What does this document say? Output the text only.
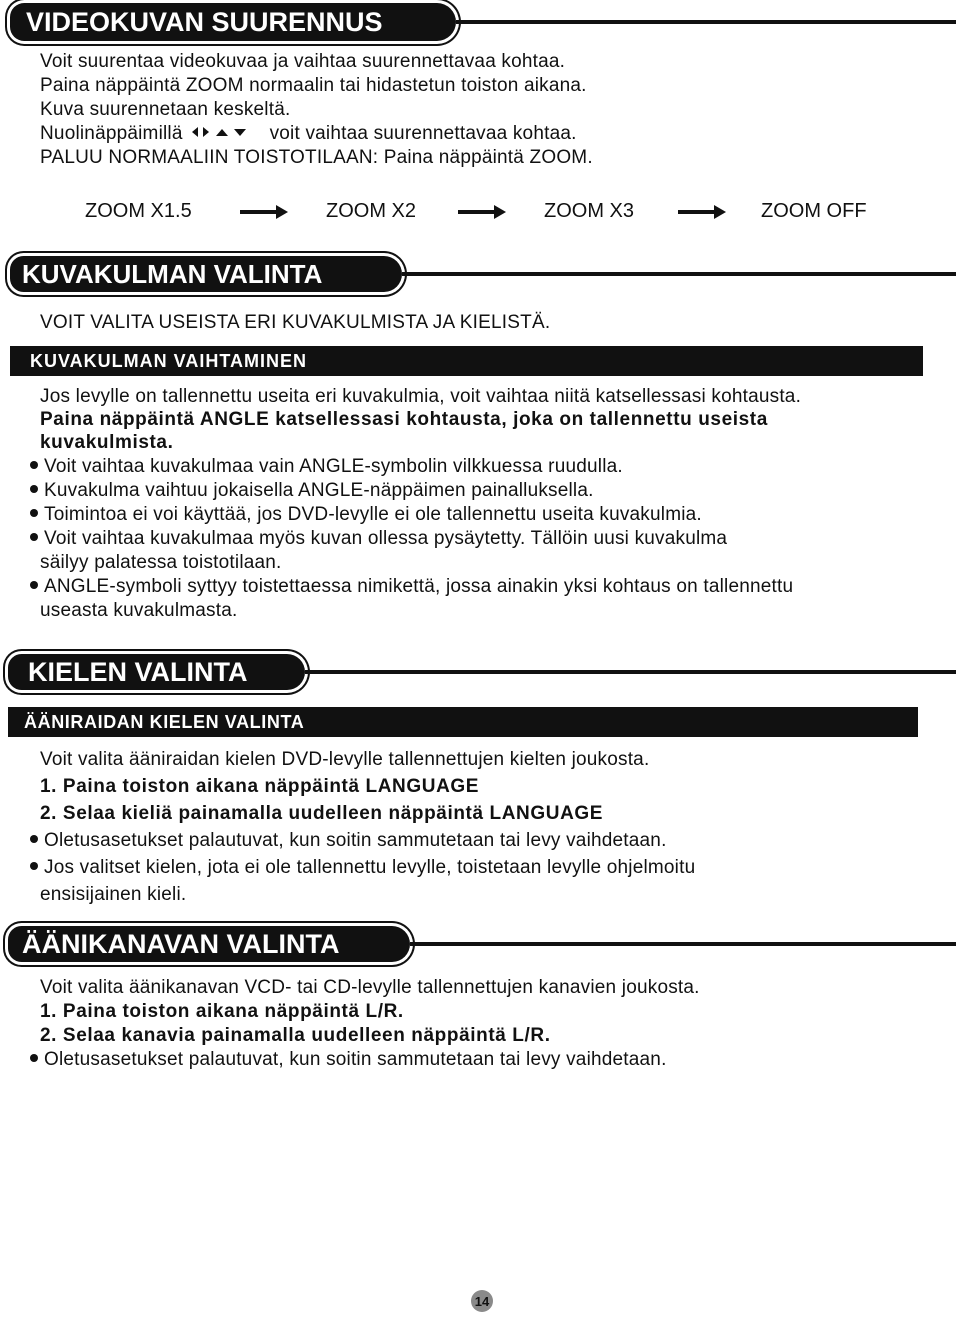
VIDEOKUVAN SUURENNUS
Voit suurentaa videokuvaa ja vaihtaa suurennettavaa kohtaa.
Paina näppäintä ZOOM normaalin tai hidastetun toiston aikana.
Kuva suurennetaan keskeltä.
Nuolinäppäimillä	voit vaihtaa suurennettavaa kohtaa.
PALUU NORMAALIIN TOISTOTILAAN: Paina näppäintä ZOOM.
ZOOM X1.5	ZOOM X2	ZOOM X3	ZOOM OFF
KUVAKULMAN VALINTA
VOIT VALITA USEISTA ERI KUVAKULMISTA JA KIELISTÄ.
KUVAKULMAN VAIHTAMINEN
Jos levylle on tallennettu useita eri kuvakulmia, voit vaihtaa niitä katsellessasi kohtausta.
Paina näppäintä ANGLE katsellessasi kohtausta, joka on tallennettu useista
kuvakulmista.
Voit vaihtaa kuvakulmaa vain ANGLE-symbolin vilkkuessa ruudulla.
Kuvakulma vaihtuu jokaisella ANGLE-näppäimen painalluksella.
Toimintoa ei voi käyttää, jos DVD-levylle ei ole tallennettu useita kuvakulmia.
Voit vaihtaa kuvakulmaa myös kuvan ollessa pysäytetty. Tällöin uusi kuvakulma
säilyy palatessa toistotilaan.
ANGLE-symboli syttyy toistettaessa nimikettä, jossa ainakin yksi kohtaus on tallennettu
useasta kuvakulmasta.
KIELEN VALINTA
ÄÄNIRAIDAN KIELEN VALINTA
Voit valita ääniraidan kielen DVD-levylle tallennettujen kielten joukosta.
1. Paina toiston aikana näppäintä LANGUAGE
2. Selaa kieliä painamalla uudelleen näppäintä LANGUAGE
Oletusasetukset palautuvat, kun soitin sammutetaan tai levy vaihdetaan.
Jos valitset kielen, jota ei ole tallennettu levylle, toistetaan levylle ohjelmoitu
ensisijainen kieli.
ÄÄNIKANAVAN VALINTA
Voit valita äänikanavan VCD- tai CD-levylle tallennettujen kanavien joukosta.
1. Paina toiston aikana näppäintä L/R.
2. Selaa kanavia painamalla uudelleen näppäintä L/R.
Oletusasetukset palautuvat, kun soitin sammutetaan tai levy vaihdetaan.
14
